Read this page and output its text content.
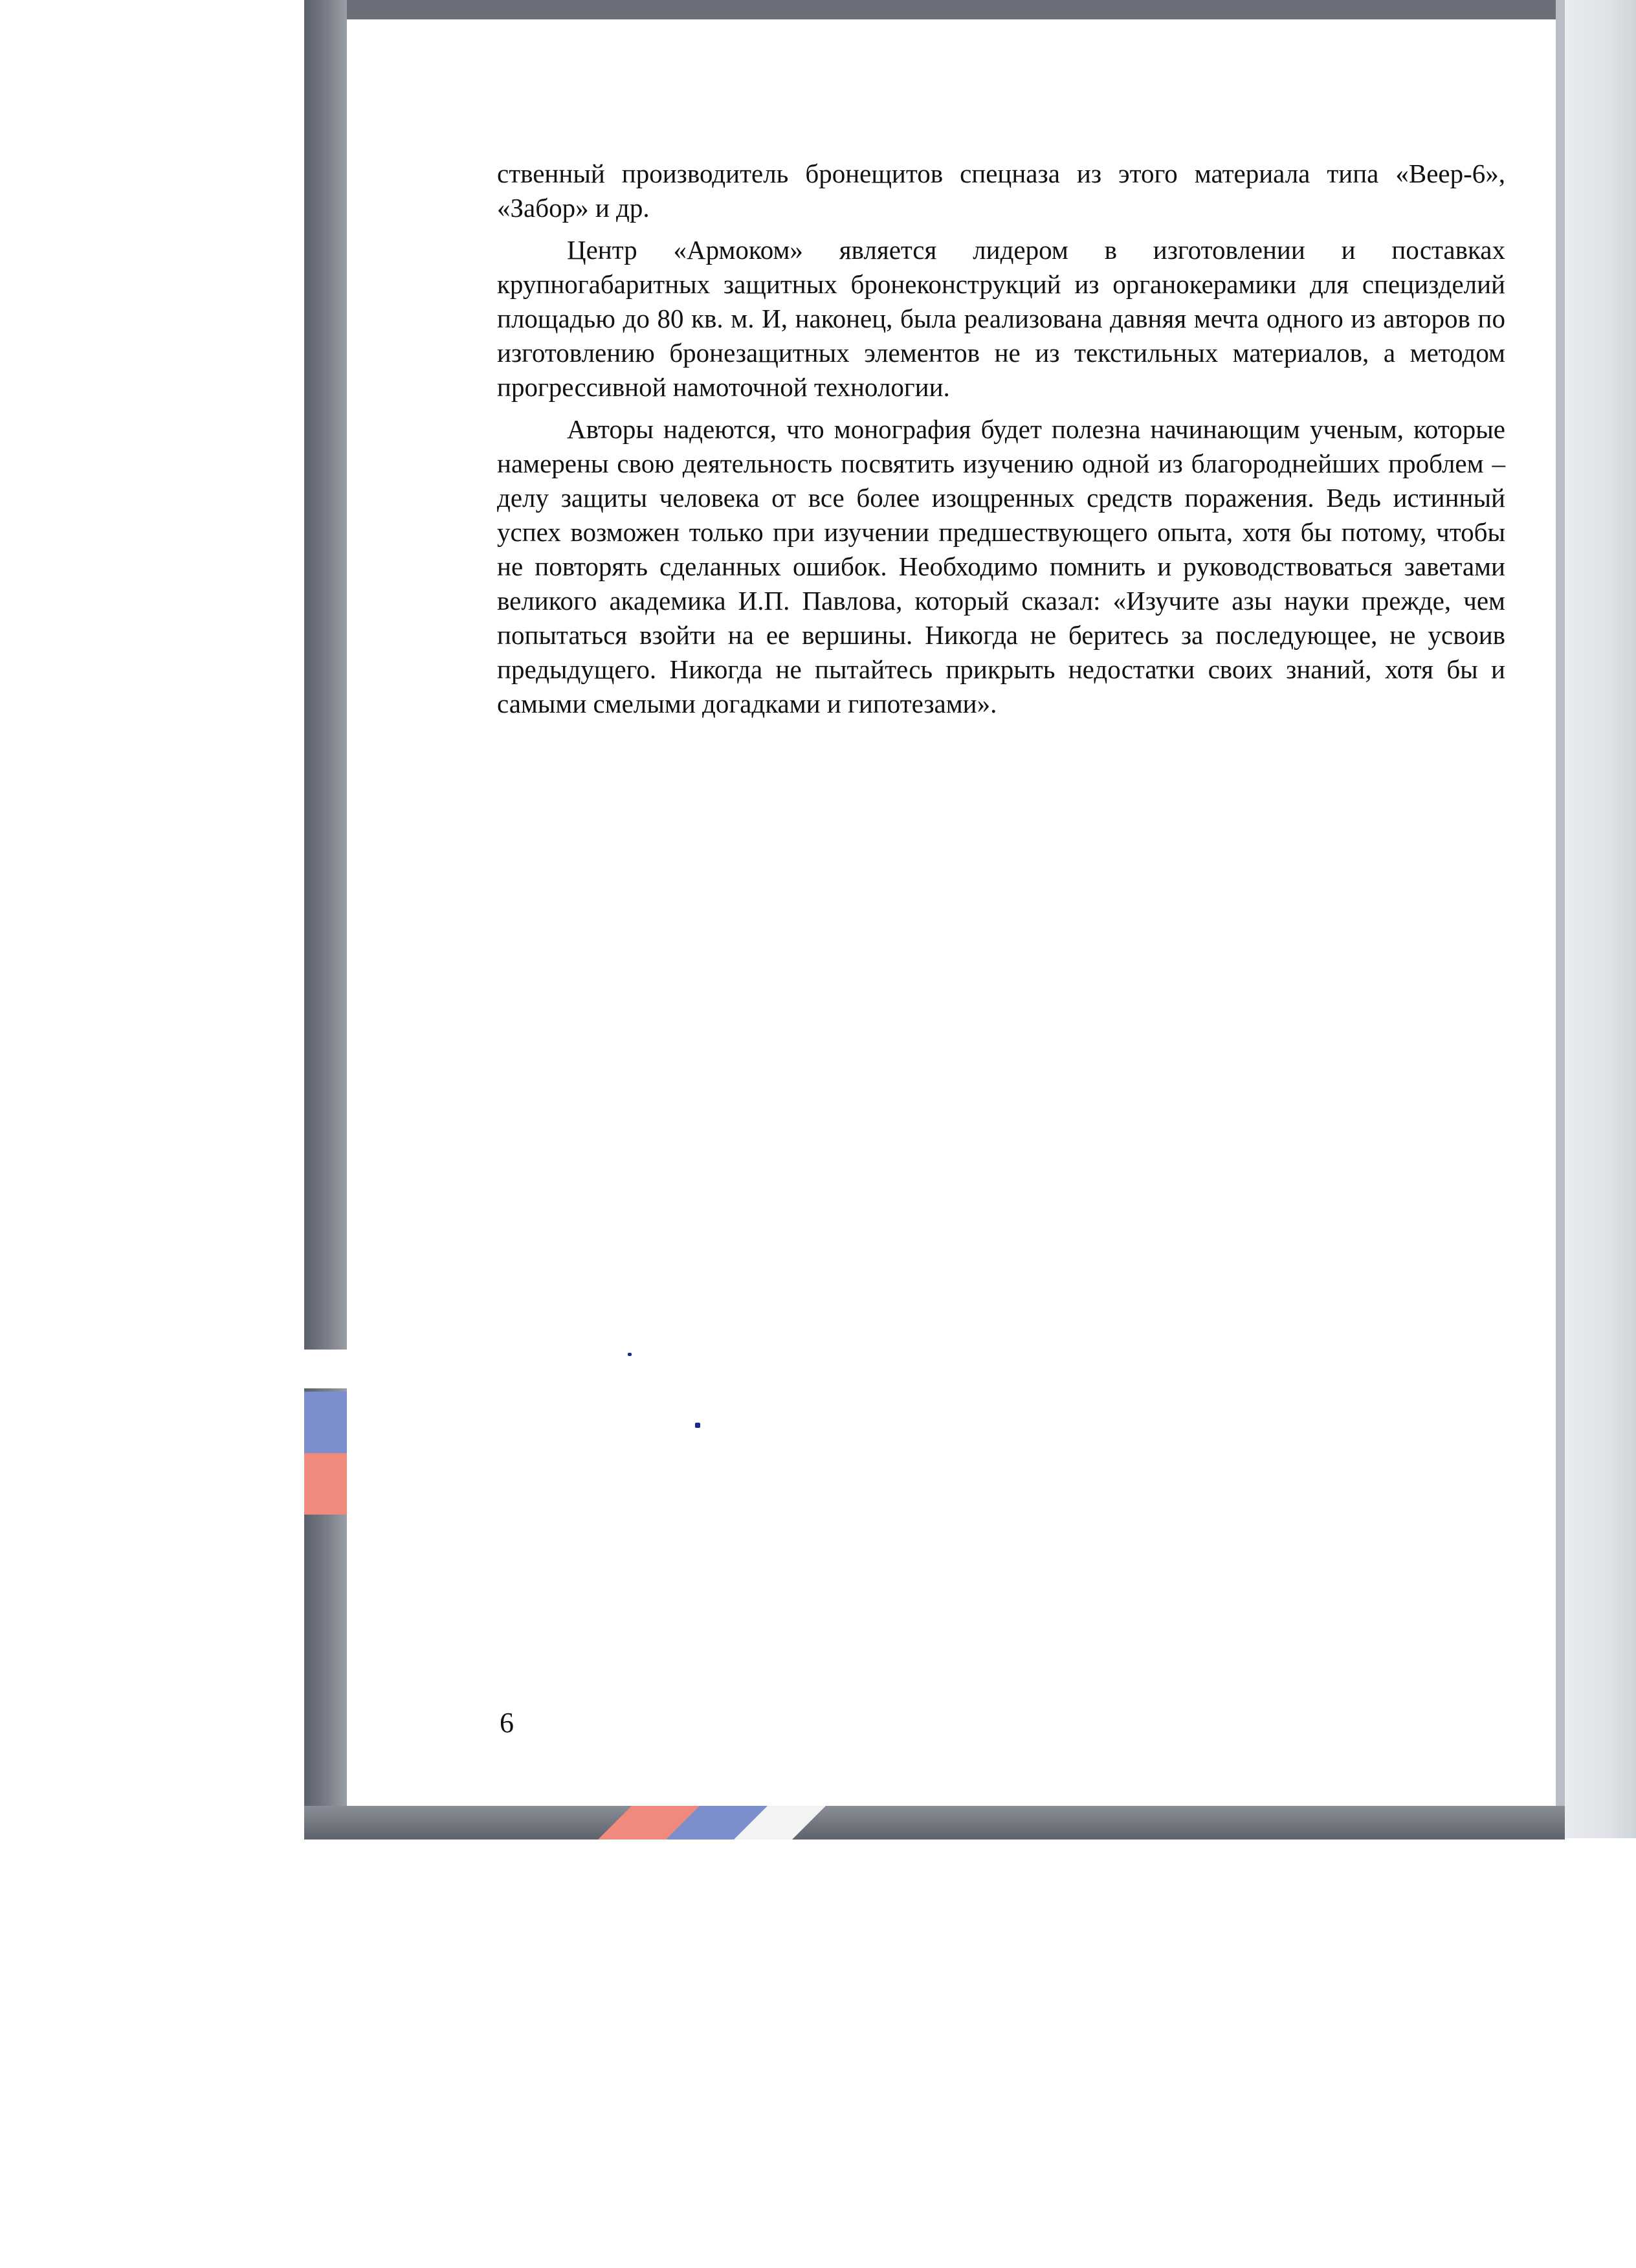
ственный производитель бронещитов спецназа из этого материала типа «Веер-6», «Забор» и др.

Центр «Армоком» является лидером в изготовлении и поставках крупногабаритных защитных бронеконструкций из органокерамики для специзделий площадью до 80 кв. м. И, наконец, была реализована давняя мечта одного из авторов по изготовлению бронезащитных элементов не из текстильных материалов, а методом прогрессивной намоточной технологии.

Авторы надеются, что монография будет полезна начинающим ученым, которые намерены свою деятельность посвятить изучению одной из благороднейших проблем – делу защиты человека от все более изощренных средств поражения. Ведь истинный успех возможен только при изучении предшествующего опыта, хотя бы потому, чтобы не повторять сделанных ошибок. Необходимо помнить и руководствоваться заветами великого академика И.П. Павлова, который сказал: «Изучите азы науки прежде, чем попытаться взойти на ее вершины. Никогда не беритесь за последующее, не усвоив предыдущего. Никогда не пытайтесь прикрыть недостатки своих знаний, хотя бы и самыми смелыми догадками и гипотезами».

6
